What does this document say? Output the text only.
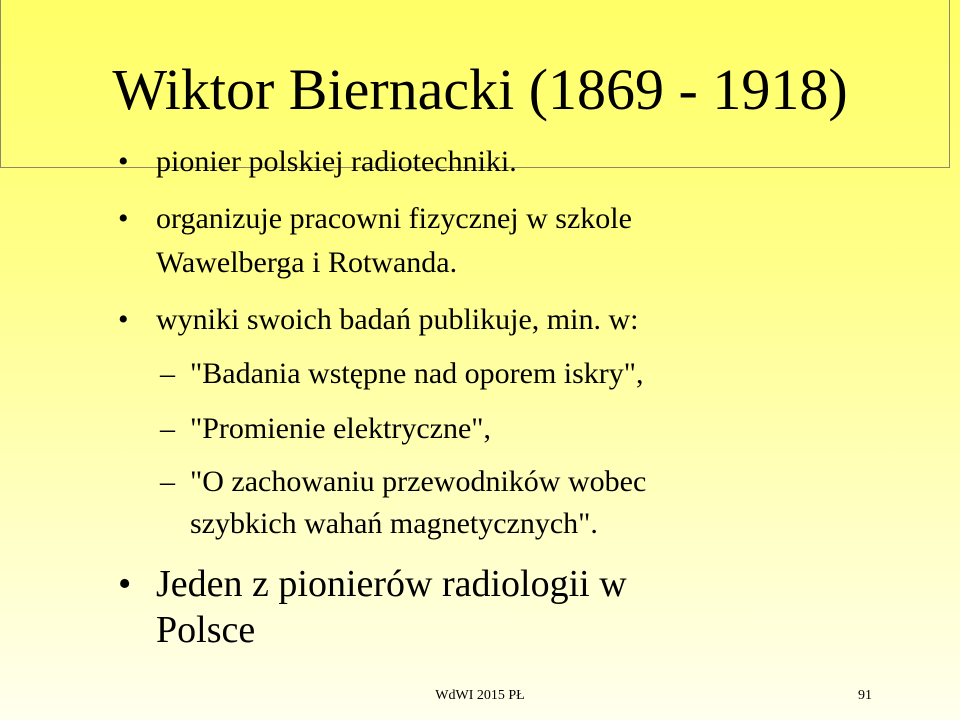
Wiktor Biernacki (1869 - 1918)
• pionier polskiej radiotechniki.
• organizuje pracowni fizycznej w szkole
Wawelberga i Rotwanda.
• wyniki swoich badań publikuje, min. w:
– "Badania wstępne nad oporem iskry",
– "Promienie elektryczne",
– "O zachowaniu przewodników wobec
szybkich wahań magnetycznych".
• Jeden z pionierów radiologii w
Polsce
WdWI 2015 PŁ	91
